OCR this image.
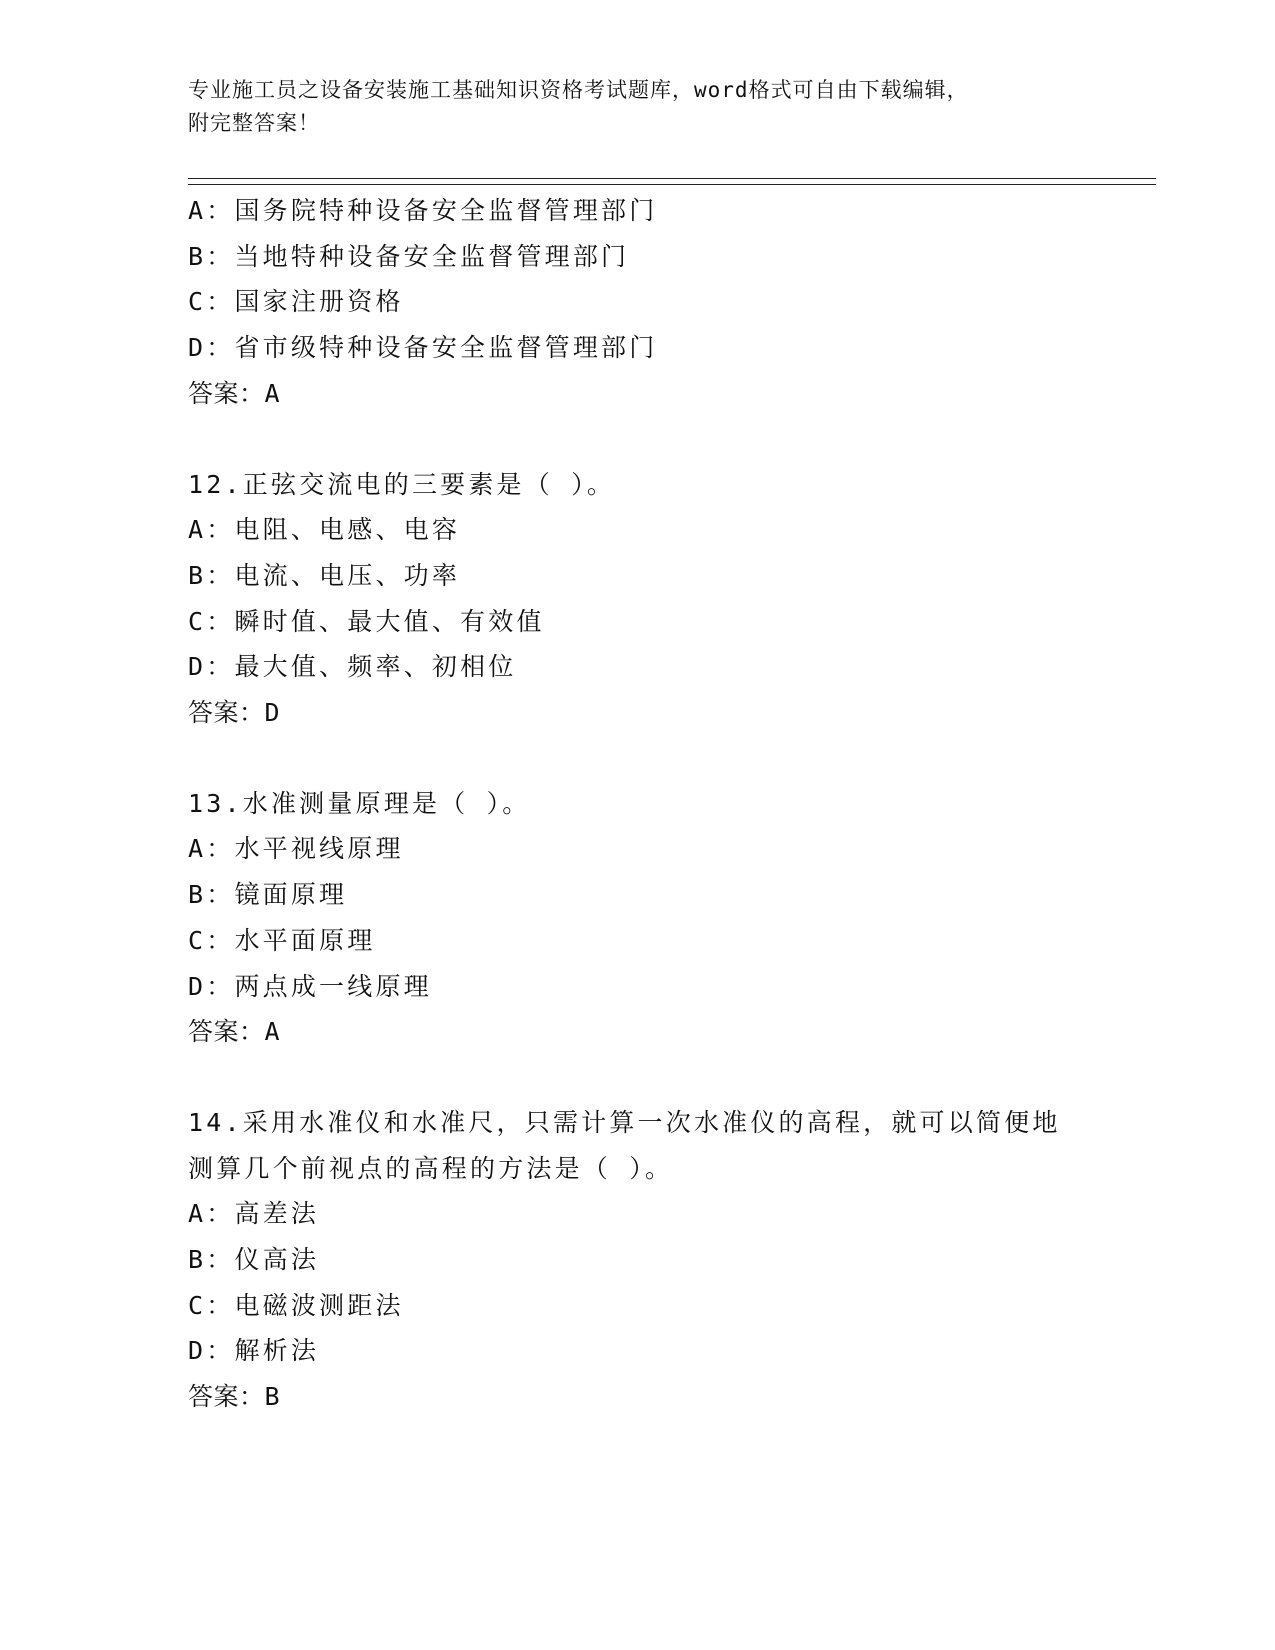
专业施工员之设备安装施工基础知识资格考试题库，word格式可自由下载编辑，
附完整答案！
A：国务院特种设备安全监督管理部门
B：当地特种设备安全监督管理部门
C：国家注册资格
D：省市级特种设备安全监督管理部门
答案：A
12.正弦交流电的三要素是（ ）。
A：电阻、电感、电容
B：电流、电压、功率
C：瞬时值、最大值、有效值
D：最大值、频率、初相位
答案：D
13.水准测量原理是（ ）。
A：水平视线原理
B：镜面原理
C：水平面原理
D：两点成一线原理
答案：A
14.采用水准仪和水准尺，只需计算一次水准仪的高程，就可以简便地
测算几个前视点的高程的方法是（ ）。
A：高差法
B：仪高法
C：电磁波测距法
D：解析法
答案：B
